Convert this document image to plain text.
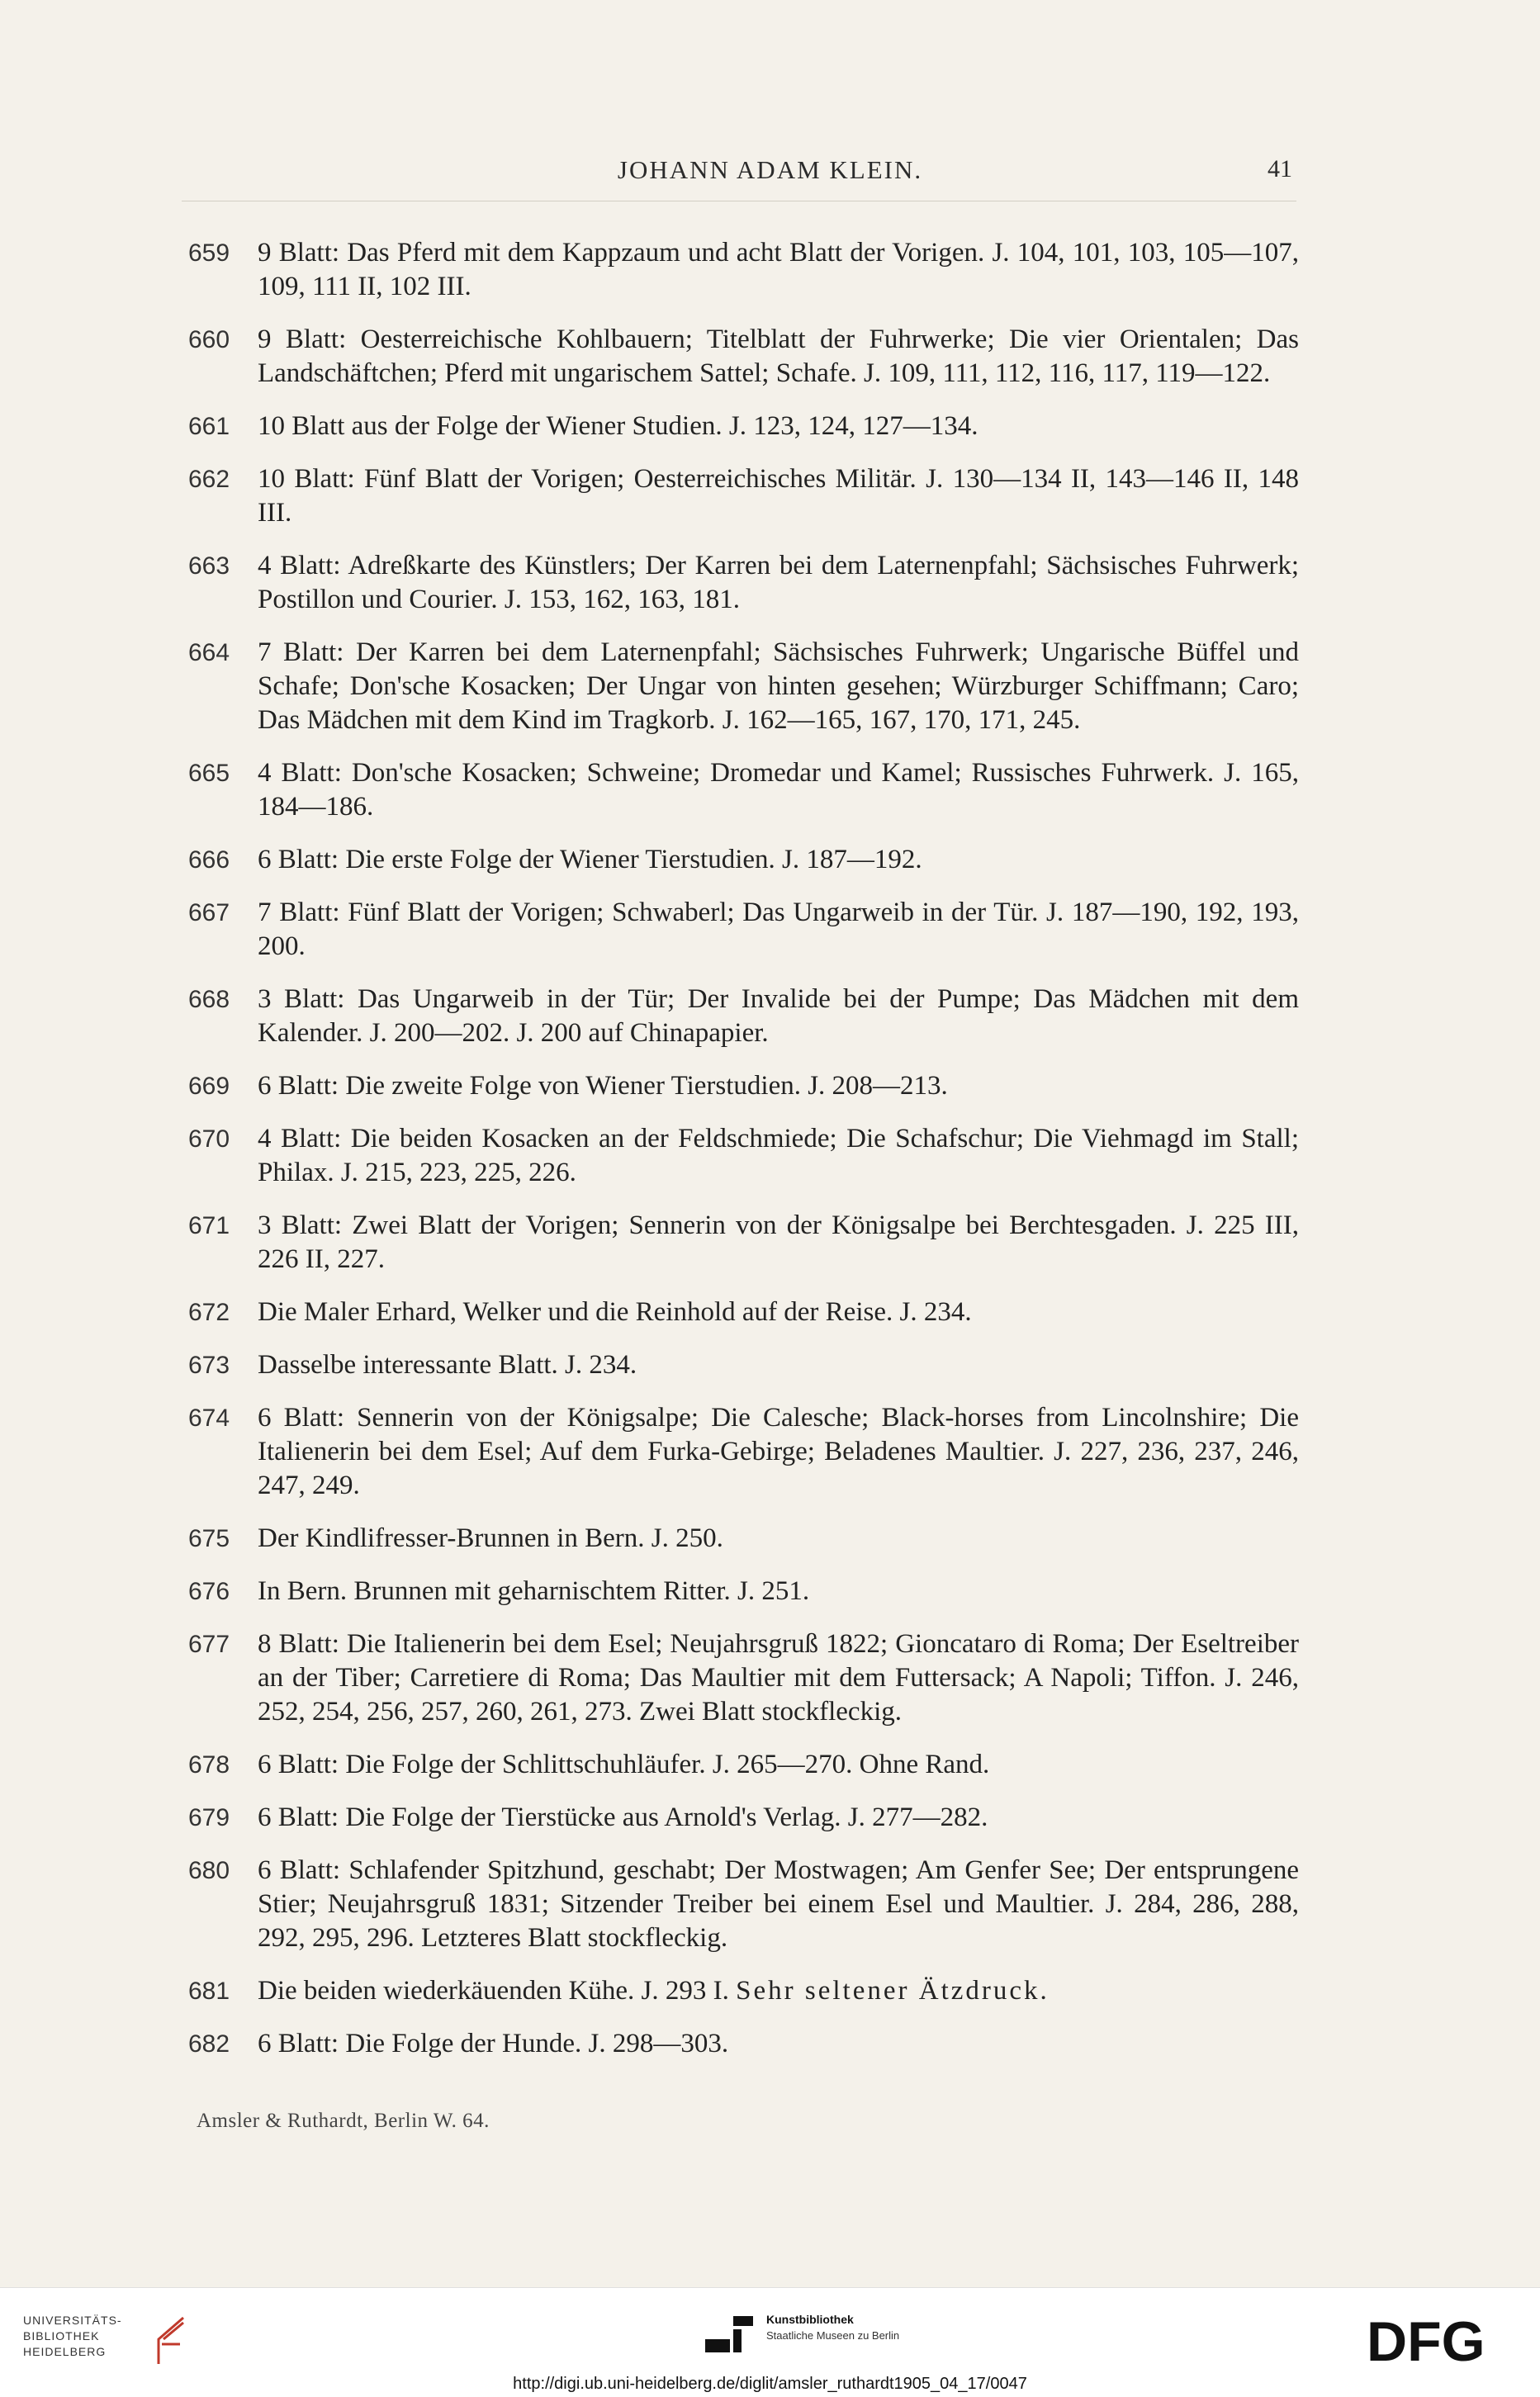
JOHANN ADAM KLEIN.	41
659	9 Blatt: Das Pferd mit dem Kappzaum und acht Blatt der Vorigen. J. 104, 101, 103, 105—107, 109, 111 II, 102 III.
660	9 Blatt: Oesterreichische Kohlbauern; Titelblatt der Fuhrwerke; Die vier Orientalen; Das Landschäftchen; Pferd mit ungarischem Sattel; Schafe. J. 109, 111, 112, 116, 117, 119—122.
661	10 Blatt aus der Folge der Wiener Studien. J. 123, 124, 127—134.
662	10 Blatt: Fünf Blatt der Vorigen; Oesterreichisches Militär. J. 130—134 II, 143—146 II, 148 III.
663	4 Blatt: Adreßkarte des Künstlers; Der Karren bei dem Laternenpfahl; Sächsisches Fuhrwerk; Postillon und Courier. J. 153, 162, 163, 181.
664	7 Blatt: Der Karren bei dem Laternenpfahl; Sächsisches Fuhrwerk; Ungarische Büffel und Schafe; Don'sche Kosacken; Der Ungar von hinten gesehen; Würzburger Schiffmann; Caro; Das Mädchen mit dem Kind im Tragkorb. J. 162—165, 167, 170, 171, 245.
665	4 Blatt: Don'sche Kosacken; Schweine; Dromedar und Kamel; Russisches Fuhrwerk. J. 165, 184—186.
666	6 Blatt: Die erste Folge der Wiener Tierstudien. J. 187—192.
667	7 Blatt: Fünf Blatt der Vorigen; Schwaberl; Das Ungarweib in der Tür. J. 187—190, 192, 193, 200.
668	3 Blatt: Das Ungarweib in der Tür; Der Invalide bei der Pumpe; Das Mädchen mit dem Kalender. J. 200—202. J. 200 auf Chinapapier.
669	6 Blatt: Die zweite Folge von Wiener Tierstudien. J. 208—213.
670	4 Blatt: Die beiden Kosacken an der Feldschmiede; Die Schafschur; Die Viehmagd im Stall; Philax. J. 215, 223, 225, 226.
671	3 Blatt: Zwei Blatt der Vorigen; Sennerin von der Königsalpe bei Berchtesgaden. J. 225 III, 226 II, 227.
672	Die Maler Erhard, Welker und die Reinhold auf der Reise. J. 234.
673	Dasselbe interessante Blatt. J. 234.
674	6 Blatt: Sennerin von der Königsalpe; Die Calesche; Black-horses from Lincolnshire; Die Italienerin bei dem Esel; Auf dem Furka-Gebirge; Beladenes Maultier. J. 227, 236, 237, 246, 247, 249.
675	Der Kindlifresser-Brunnen in Bern. J. 250.
676	In Bern. Brunnen mit geharnischtem Ritter. J. 251.
677	8 Blatt: Die Italienerin bei dem Esel; Neujahrsgruß 1822; Gioncataro di Roma; Der Eseltreiber an der Tiber; Carretiere di Roma; Das Maultier mit dem Futtersack; A Napoli; Tiffon. J. 246, 252, 254, 256, 257, 260, 261, 273. Zwei Blatt stockfleckig.
678	6 Blatt: Die Folge der Schlittschuhläufer. J. 265—270. Ohne Rand.
679	6 Blatt: Die Folge der Tierstücke aus Arnold's Verlag. J. 277—282.
680	6 Blatt: Schlafender Spitzhund, geschabt; Der Mostwagen; Am Genfer See; Der entsprungene Stier; Neujahrsgruß 1831; Sitzender Treiber bei einem Esel und Maultier. J. 284, 286, 288, 292, 295, 296. Letzteres Blatt stockfleckig.
681	Die beiden wiederkäuenden Kühe. J. 293 I. Sehr seltener Ätzdruck.
682	6 Blatt: Die Folge der Hunde. J. 298—303.
Amsler & Ruthardt, Berlin W. 64.
UNIVERSITÄTS-
BIBLIOTHEK
HEIDELBERG
Kunstbibliothek
Staatliche Museen zu Berlin	DFG
http://digi.ub.uni-heidelberg.de/diglit/amsler_ruthardt1905_04_17/0047
